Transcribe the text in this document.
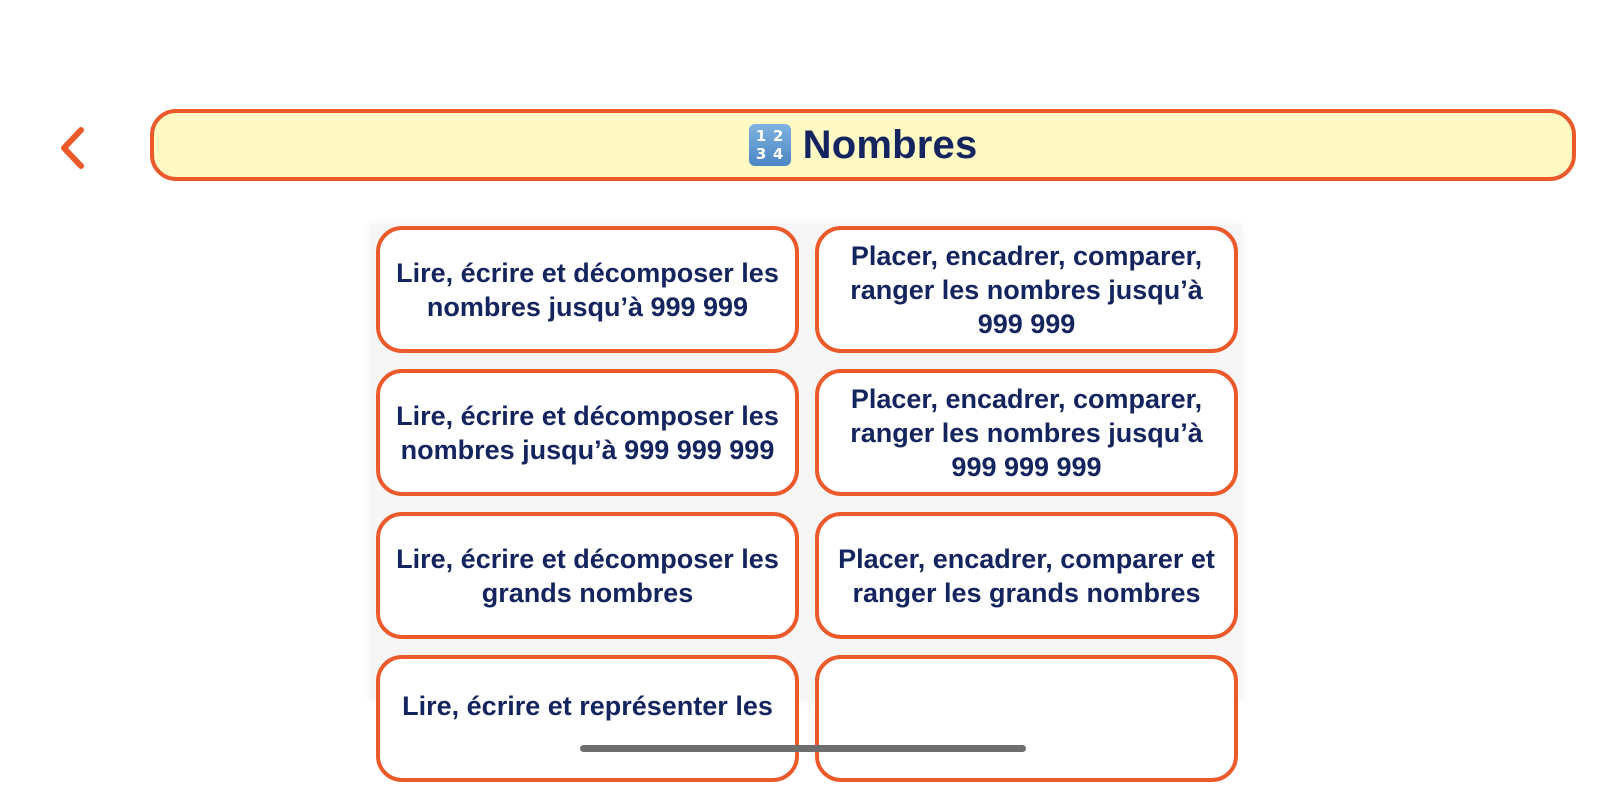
1 2
3 4 Nombres
Lire, écrire et décomposer les nombres jusqu’à 999 999
Placer, encadrer, comparer, ranger les nombres jusqu’à 999 999
Lire, écrire et décomposer les nombres jusqu’à 999 999 999
Placer, encadrer, comparer, ranger les nombres jusqu’à 999 999 999
Lire, écrire et décomposer les grands nombres
Placer, encadrer, comparer et ranger les grands nombres
Lire, écrire et représenter les
